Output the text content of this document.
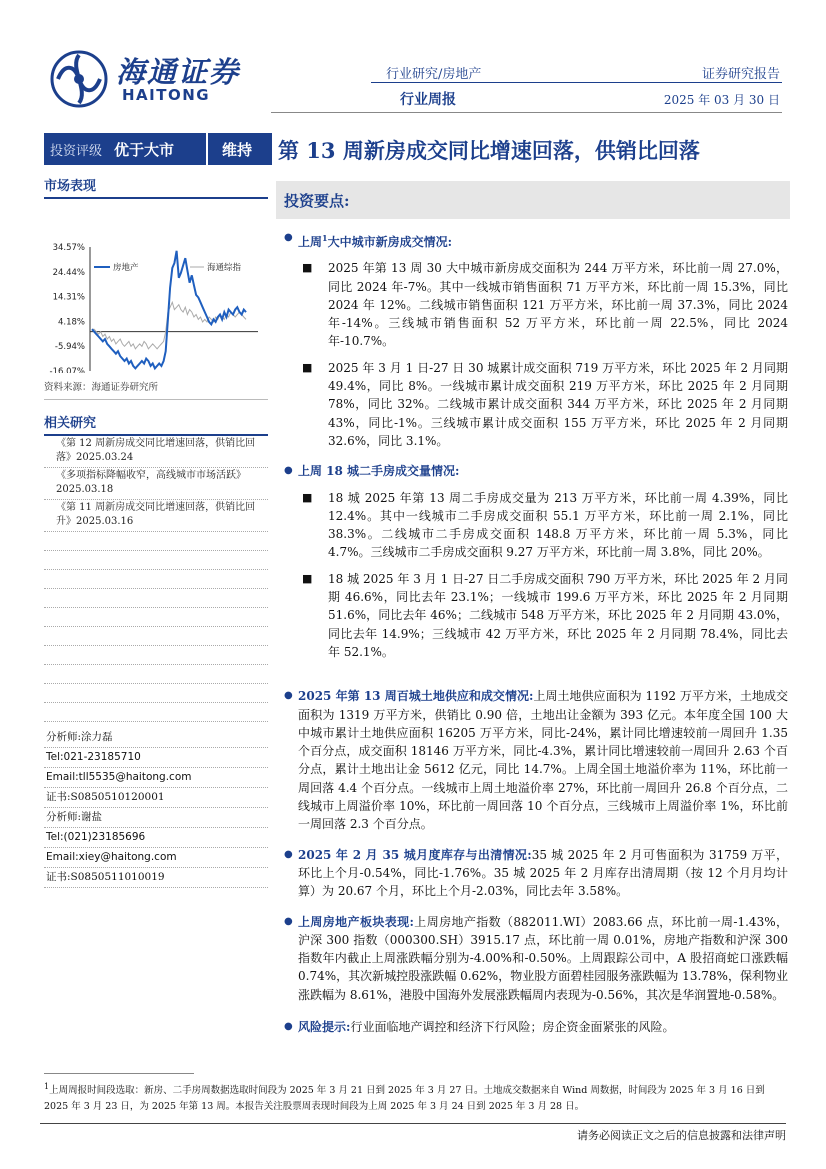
海通证券
HAITONG
行业研究/房地产
行业周报
证券研究报告
2025 年 03 月 30 日
投资评级 优于大市	维持 第 13 周新房成交同比增速回落，供销比回落
市场表现
34.57%
24.44%
14.31%
4.18%
-5.94%
-16.07%
房地产	海通综指
资料来源：海通证券研究所
相关研究
《第 12 周新房成交同比增速回落，供销比回落》2025.03.24
《多项指标降幅收窄，高线城市市场活跃》2025.03.18
《第 11 周新房成交同比增速回落，供销比回升》2025.03.16
分析师:涂力磊
Tel:021-23185710
Email:tll5535@haitong.com
证书:S0850510120001
分析师:谢盐
Tel:(021)23185696
Email:xiey@haitong.com
证书:S0850511010019
投资要点:
● 上周$^1$大中城市新房成交情况:
■ 2025 年第 13 周 30 大中城市新房成交面积为 244 万平方米，环比前一周 27.0%，同比 2024 年-7%。其中一线城市销售面积 71 万平方米，环比前一周 15.3%，同比 2024 年 12%。二线城市销售面积 121 万平方米，环比前一周 37.3%，同比 2024 年-14%。三线城市销售面积 52 万平方米，环比前一周 22.5%，同比 2024 年-10.7%。
■ 2025 年 3 月 1 日-27 日 30 城累计成交面积 719 万平方米，环比 2025 年 2 月同期 49.4%，同比 8%。一线城市累计成交面积 219 万平方米，环比 2025 年 2 月同期 78%，同比 32%。二线城市累计成交面积 344 万平方米，环比 2025 年 2 月同期 43%，同比-1%。三线城市累计成交面积 155 万平方米，环比 2025 年 2 月同期 32.6%，同比 3.1%。
● 上周 18 城二手房成交量情况:
■ 18 城 2025 年第 13 周二手房成交量为 213 万平方米，环比前一周 4.39%，同比 12.4%。其中一线城市二手房成交面积 55.1 万平方米，环比前一周 2.1%，同比 38.3%。二线城市二手房成交面积 148.8 万平方米，环比前一周 5.3%，同比 4.7%。三线城市二手房成交面积 9.27 万平方米，环比前一周 3.8%，同比 20%。
■ 18 城 2025 年 3 月 1 日-27 日二手房成交面积 790 万平方米，环比 2025 年 2 月同期 46.6%，同比去年 23.1%；一线城市 199.6 万平方米，环比 2025 年 2 月同期 51.6%，同比去年 46%；二线城市 548 万平方米，环比 2025 年 2 月同期 43.0%，同比去年 14.9%；三线城市 42 万平方米，环比 2025 年 2 月同期 78.4%，同比去年 52.1%。
● 2025 年第 13 周百城土地供应和成交情况:上周土地供应面积为 1192 万平方米，土地成交面积为 1319 万平方米，供销比 0.90 倍，土地出让金额为 393 亿元。本年度全国 100 大中城市累计土地供应面积 16205 万平方米，同比-24%，累计同比增速较前一周回升 1.35 个百分点，成交面积 18146 万平方米，同比-4.3%，累计同比增速较前一周回升 2.63 个百分点，累计土地出让金 5612 亿元，同比 14.7%。上周全国土地溢价率为 11%，环比前一周回落 4.4 个百分点。一线城市上周土地溢价率 27%，环比前一周回升 26.8 个百分点，二线城市上周溢价率 10%，环比前一周回落 10 个百分点，三线城市上周溢价率 1%，环比前一周回落 2.3 个百分点。
● 2025 年 2 月 35 城月度库存与出清情况:35 城 2025 年 2 月可售面积为 31759 万平，环比上个月-0.54%，同比-1.76%。35 城 2025 年 2 月库存出清周期（按 12 个月月均计算）为 20.67 个月，环比上个月-2.03%，同比去年 3.58%。
● 上周房地产板块表现:上周房地产指数（882011.WI）2083.66 点，环比前一周-1.43%，沪深 300 指数（000300.SH）3915.17 点，环比前一周 0.01%，房地产指数和沪深 300 指数年内截止上周涨跌幅分别为-4.00%和-0.50%。上周跟踪公司中，A 股招商蛇口涨跌幅 0.74%，其次新城控股涨跌幅 0.62%，物业股方面碧桂园服务涨跌幅为 13.78%，保利物业涨跌幅为 8.61%，港股中国海外发展涨跌幅周内表现为-0.56%，其次是华润置地-0.58%。
● 风险提示:行业面临地产调控和经济下行风险；房企资金面紧张的风险。
$^1$上周周报时间段选取：新房、二手房周数据选取时间段为 2025 年 3 月 21 日到 2025 年 3 月 27 日。土地成交数据来自 Wind 周数据，时间段为 2025 年 3 月 16 日到 2025 年 3 月 23 日，为 2025 年第 13 周。本报告关注股票周表现时间段为上周 2025 年 3 月 24 日到 2025 年 3 月 28 日。
请务必阅读正文之后的信息披露和法律声明
